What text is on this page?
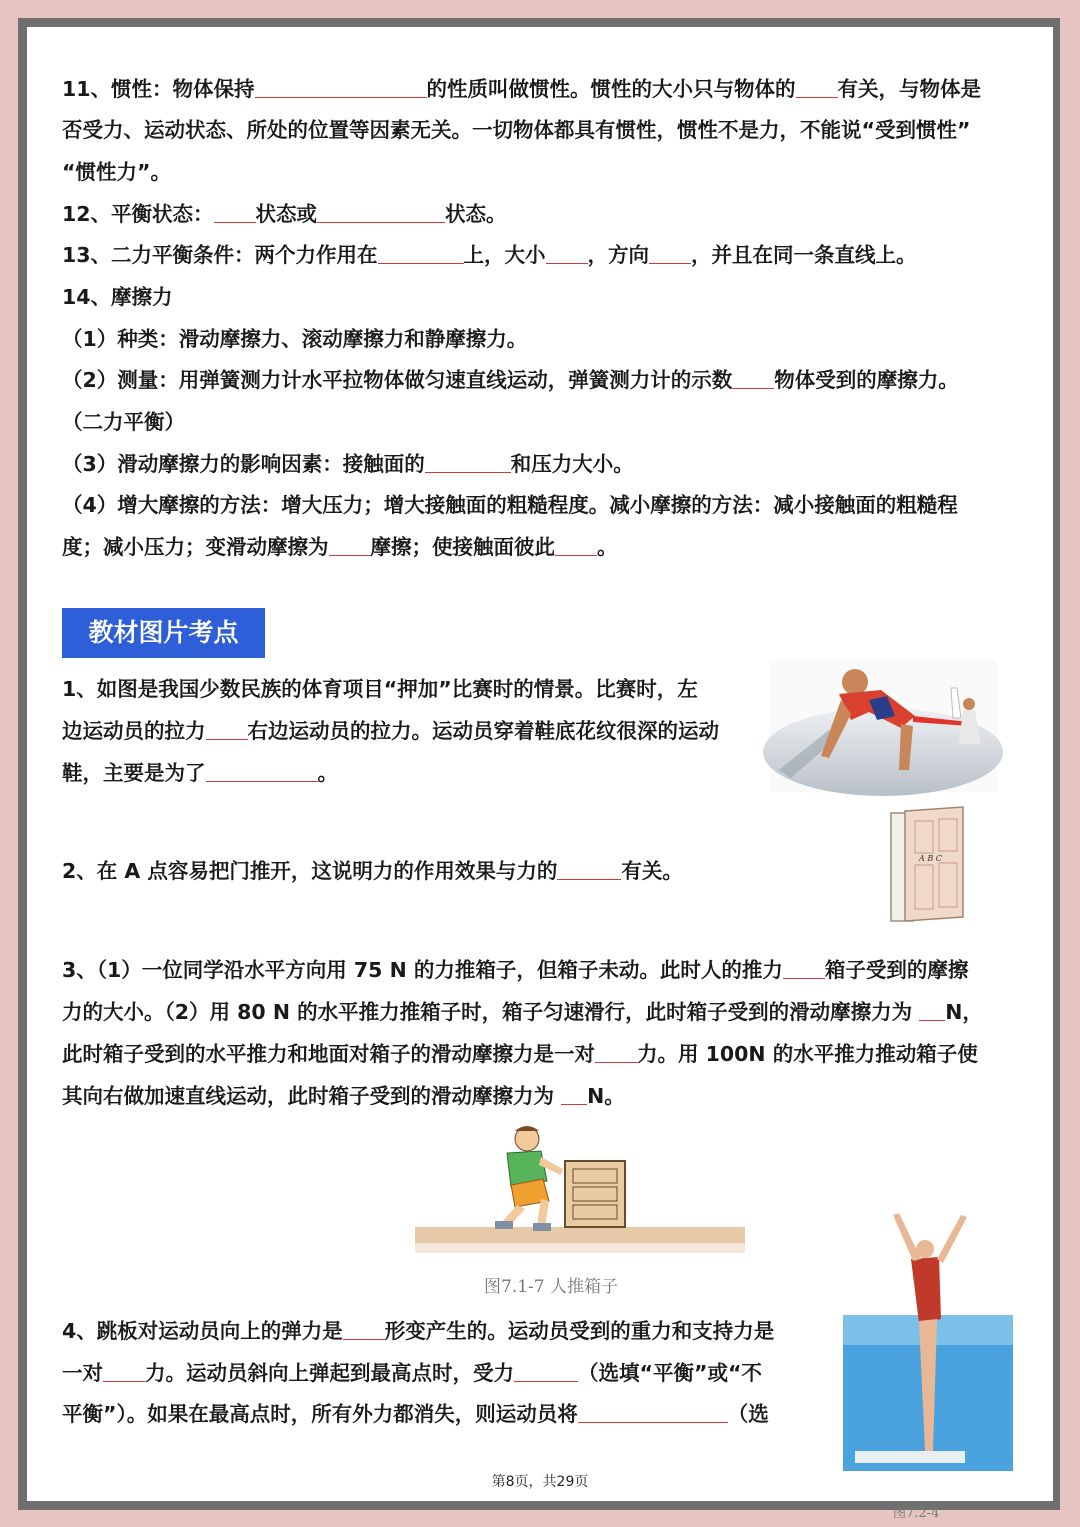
11、惯性：物体保持	的性质叫做惯性。惯性的大小只与物体的 有关，与物体是
否受力、运动状态、所处的位置等因素无关。一切物体都具有惯性，惯性不是力，不能说“受到惯性”
“惯性力”。
12、平衡状态： 状态或	状态。
13、二力平衡条件：两个力作用在	上，大小 ，方向 ，并且在同一条直线上。
14、摩擦力
（1）种类：滑动摩擦力、滚动摩擦力和静摩擦力。
（2）测量：用弹簧测力计水平拉物体做匀速直线运动，弹簧测力计的示数 物体受到的摩擦力。
（二力平衡）
（3）滑动摩擦力的影响因素：接触面的	和压力大小。
（4）增大摩擦的方法：增大压力；增大接触面的粗糙程度。减小摩擦的方法：减小接触面的粗糙程
度；减小压力；变滑动摩擦为 摩擦；使接触面彼此 。
1、如图是我国少数民族的体育项目“押加”比赛时的情景。比赛时，左
边运动员的拉力 右边运动员的拉力。运动员穿着鞋底花纹很深的运动
鞋，主要是为了	。
2、在 A 点容易把门推开，这说明力的作用效果与力的	有关。
3、（1）一位同学沿水平方向用 75 N 的力推箱子，但箱子未动。此时人的推力 箱子受到的摩擦
力的大小。（2）用 80 N 的水平推力推箱子时，箱子匀速滑行，此时箱子受到的滑动摩擦力为 N，
此时箱子受到的水平推力和地面对箱子的滑动摩擦力是一对 力。用 100N 的水平推力推动箱子使
其向右做加速直线运动，此时箱子受到的滑动摩擦力为 N。
4、跳板对运动员向上的弹力是 形变产生的。运动员受到的重力和支持力是
一对 力。运动员斜向上弹起到最高点时，受力	（选填“平衡”或“不
平衡”）。如果在最高点时，所有外力都消失，则运动员将	（选
教材图片考点
A B C
图7.1-7 人推箱子
图7.2-4
第8页，共29页
